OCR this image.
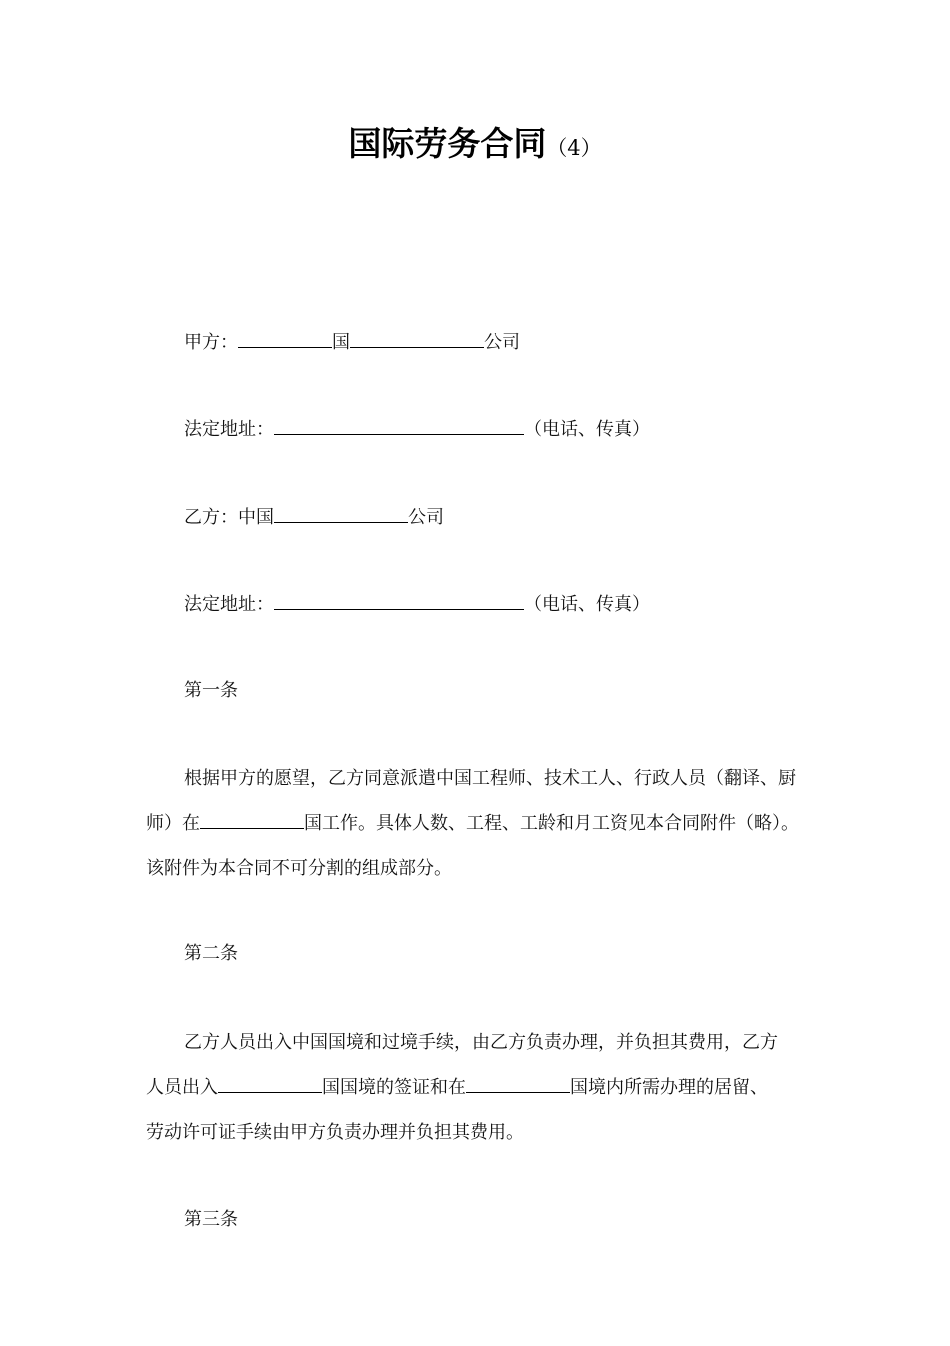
国际劳务合同（4）
甲方：	国	公司
法定地址：	（电话、传真）
乙方：中国	公司
法定地址：	（电话、传真）
第一条
根据甲方的愿望，乙方同意派遣中国工程师、技术工人、行政人员（翻译、厨
师）在	国工作。具体人数、工程、工龄和月工资见本合同附件（略）。
该附件为本合同不可分割的组成部分。
第二条
乙方人员出入中国国境和过境手续，由乙方负责办理，并负担其费用，乙方
人员出入	国国境的签证和在	国境内所需办理的居留、
劳动许可证手续由甲方负责办理并负担其费用。
第三条
